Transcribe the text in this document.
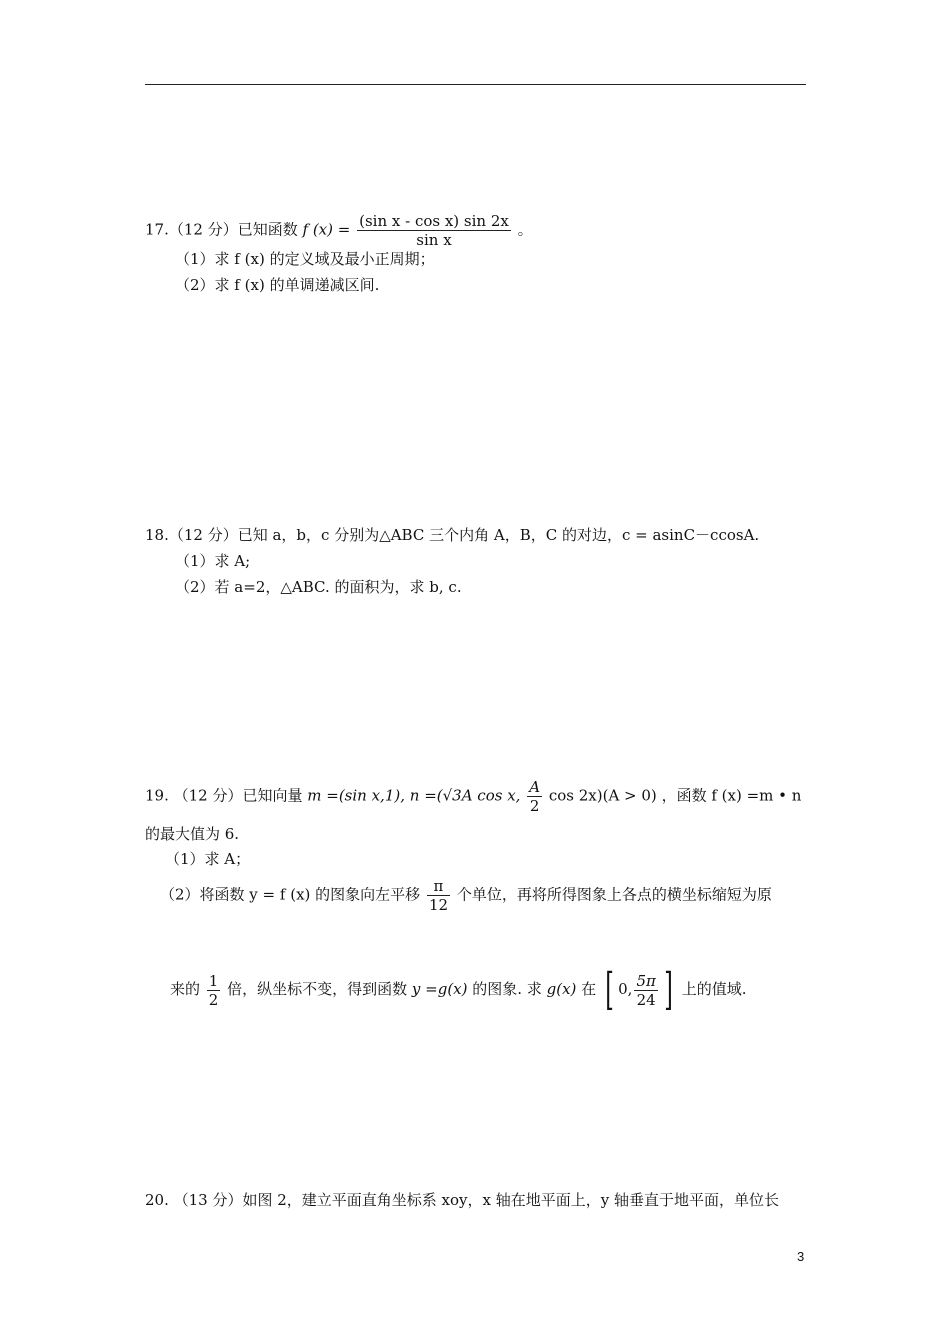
17.（12 分）已知函数 f $(x) = \frac{\text{(sin x - cos x) sin 2x}}{\text{sin x}}$ 。
（1）求 f (x) 的定义域及最小正周期；
（2）求 f (x) 的单调递减区间.
18.（12 分）已知 a，b，c 分别为△ABC 三个内角 A，B，C 的对边，c = asinC－ccosA.
（1）求 A;
（2）若 a=2，△ABC. 的面积为，求 b, c.
19. （12 分）已知向量 m =(sin x,1), n =(√3A cos x, $\frac{A}{2}$ cos 2x)(A > 0) ，函数 f (x) =m • n
的最大值为 6.
（1）求 A；
（2）将函数 y = f (x) 的图象向左平移 $\frac{\pi}{12}$ 个单位，再将所得图象上各点的横坐标缩短为原
来的 $\frac{1}{2}$ 倍，纵坐标不变，得到函数 y =g(x) 的图象. 求 g(x) 在 [ 0, $\frac{5\pi}{24}$ ] 上的值域.
20. （13 分）如图 2，建立平面直角坐标系 xoy，x 轴在地平面上，y 轴垂直于地平面，单位长
3
